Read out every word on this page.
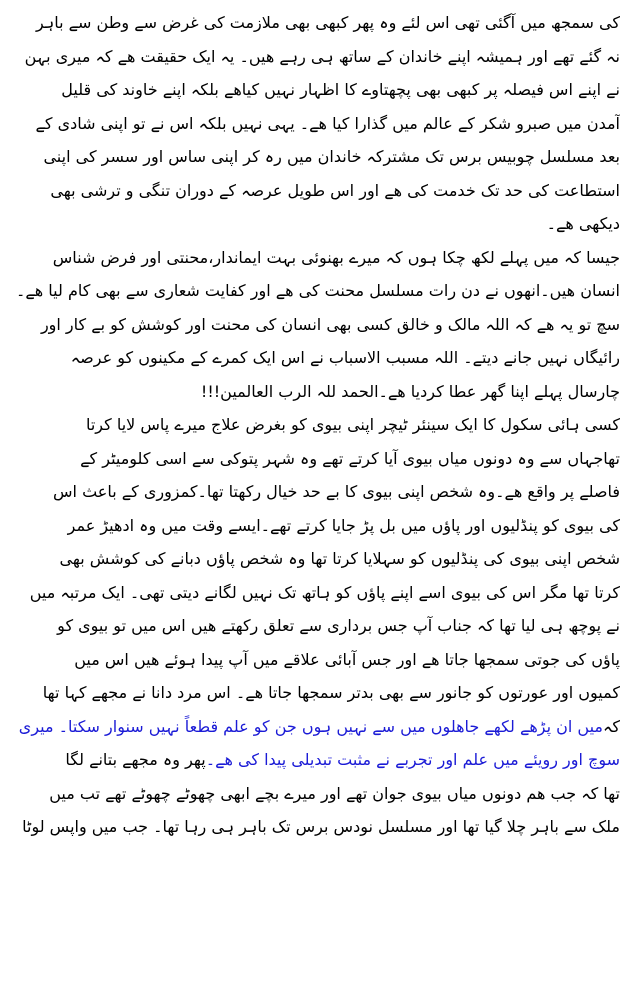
کی سمجھ میں آگئی تھی اس لئے وہ پھر کبھی بھی ملازمت کی غرض سے وطن سے باہر
نہ گئے تھے اور ہمیشہ اپنے خاندان کے ساتھ ہی رہے ھیں۔ یہ ایک حقیقت ھے کہ میری بہن
نے اپنے اس فیصلہ پر کبھی بھی پچھتاوے کا اظہار نہیں کیاھے بلکہ اپنے خاوند کی قلیل
آمدن میں صبرو شکر کے عالم میں گذارا کیا ھے۔ یہی نہیں بلکہ اس نے تو اپنی شادی کے
بعد مسلسل چوبیس برس تک مشترکہ خاندان میں رہ کر اپنی ساس اور سسر کی اپنی
استطاعت کی حد تک خدمت کی ھے اور اس طویل عرصہ کے دوران تنگی و ترشی بھی
دیکھی ھے۔
جیسا کہ میں پہلے لکھ چکا ہوں کہ میرے بھنوئی بہت ایماندار،محنتی اور فرض شناس
انسان ھیں۔انھوں نے دن رات مسلسل محنت کی ھے اور کفایت شعاری سے بھی کام لیا ھے۔
سچ تو یہ ھے کہ اللہ مالک و خالق کسی بھی انسان کی محنت اور کوشش کو بے کار اور
رائیگاں نہیں جانے دیتے۔ اللہ مسبب الاسباب نے اس ایک کمرے کے مکینوں کو عرصہ
چارسال پہلے اپنا گھر عطا کردیا ھے۔الحمد للہ الرب العالمین!!!
کسی ہائی سکول کا ایک سینئر ٹیچر اپنی بیوی کو بغرض علاج میرے پاس لایا کرتا
تھاجہاں سے وہ دونوں میاں بیوی آیا کرتے تھے وہ شہر پتوکی سے اسی کلومیٹر کے
فاصلے پر واقع ھے۔وہ شخص اپنی بیوی کا بے حد خیال رکھتا تھا۔کمزوری کے باعث اس
کی بیوی کو پنڈلیوں اور پاؤں میں بل پڑ جایا کرتے تھے۔ایسے وقت میں وہ ادھیڑ عمر
شخص اپنی بیوی کی پنڈلیوں کو سہلایا کرتا تھا وہ شخص پاؤں دبانے کی کوشش بھی
کرتا تھا مگر اس کی بیوی اسے اپنے پاؤں کو ہاتھ تک نہیں لگانے دیتی تھی۔ ایک مرتبہ میں
نے پوچھ ہی لیا تھا کہ جناب آپ جس برداری سے تعلق رکھتے ھیں اس میں تو بیوی کو
پاؤں کی جوتی سمجھا جاتا ھے اور جس آبائی علاقے میں آپ پیدا ہوئے ھیں اس میں
کمیوں اور عورتوں کو جانور سے بھی بدتر سمجھا جاتا ھے۔ اس مرد دانا نے مجھے کہا تھا
کہ
میں ان پڑھے لکھے جاھلوں میں سے نہیں ہوں جن کو علم قطعاً نہیں سنوار سکتا۔ میری
سوچ اور رویئے میں علم اور تجربے نے مثبت تبدیلی پیدا کی ھے۔
پھر وہ مجھے بتانے لگا
تھا کہ جب ھم دونوں میاں بیوی جوان تھے اور میرے بچے ابھی چھوٹے چھوٹے تھے تب میں
ملک سے باہر چلا گیا تھا اور مسلسل نودس برس تک باہر ہی رہا تھا۔ جب میں واپس لوٹا
